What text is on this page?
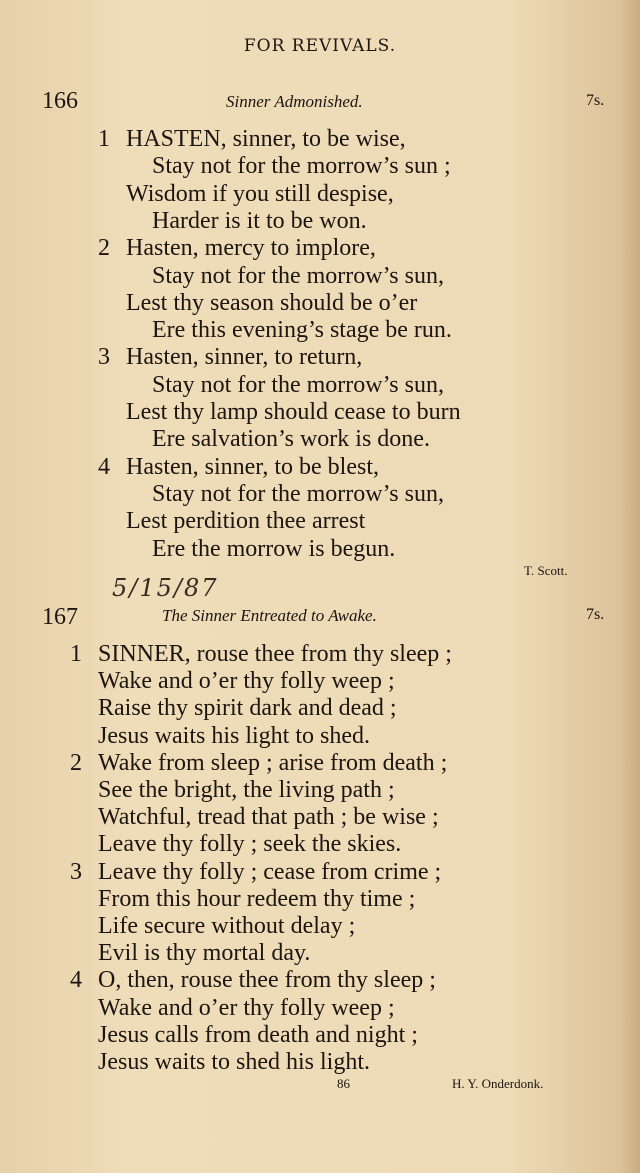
FOR REVIVALS.
166	Sinner Admonished.	7s.
1 HASTEN, sinner, to be wise,
Stay not for the morrow’s sun ;
Wisdom if you still despise,
Harder is it to be won.
2 Hasten, mercy to implore,
Stay not for the morrow’s sun,
Lest thy season should be o’er
Ere this evening’s stage be run.
3 Hasten, sinner, to return,
Stay not for the morrow’s sun,
Lest thy lamp should cease to burn
Ere salvation’s work is done.
4 Hasten, sinner, to be blest,
Stay not for the morrow’s sun,
Lest perdition thee arrest
Ere the morrow is begun.
T. Scott.
5/15/87
167	The Sinner Entreated to Awake.	7s.
1 SINNER, rouse thee from thy sleep ;
Wake and o’er thy folly weep ;
Raise thy spirit dark and dead ;
Jesus waits his light to shed.
2 Wake from sleep ; arise from death ;
See the bright, the living path ;
Watchful, tread that path ; be wise ;
Leave thy folly ; seek the skies.
3 Leave thy folly ; cease from crime ;
From this hour redeem thy time ;
Life secure without delay ;
Evil is thy mortal day.
4 O, then, rouse thee from thy sleep ;
Wake and o’er thy folly weep ;
Jesus calls from death and night ;
Jesus waits to shed his light.
86	H. Y. Onderdonk.
